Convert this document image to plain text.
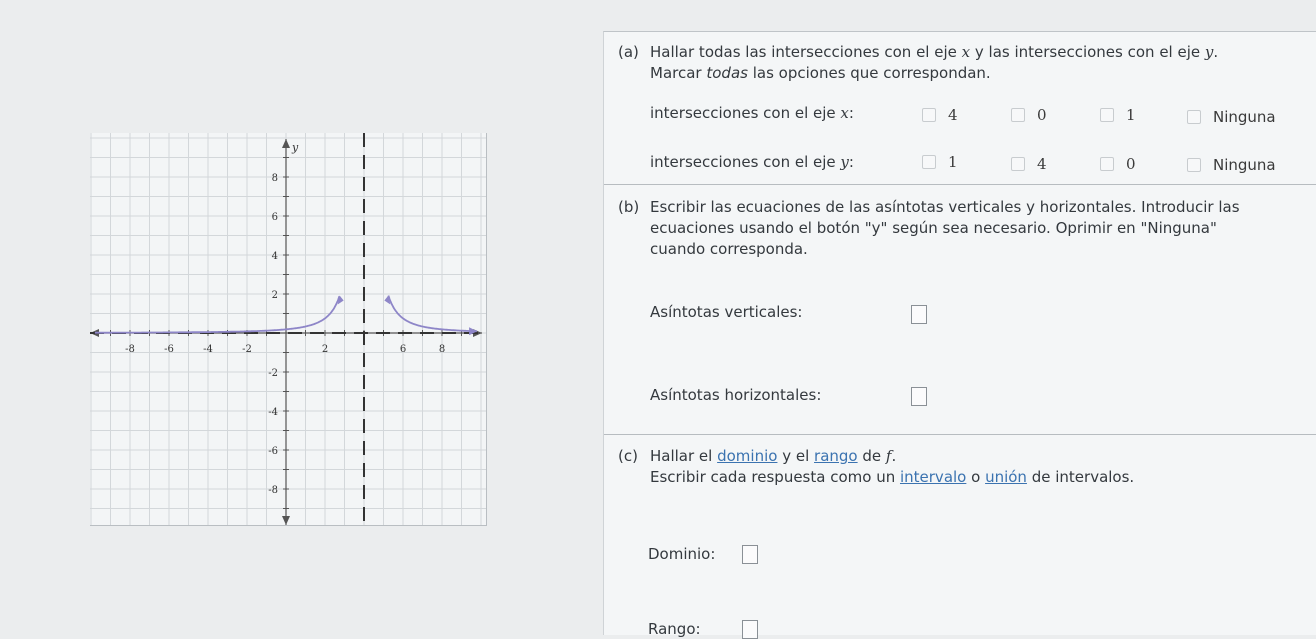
-8	-6	-4	-2	2	6	8
8
6
4
2
-2
-4
-6
-8
y
(a) Hallar todas las intersecciones con el eje x y las intersecciones con el eje y.
Marcar todas las opciones que correspondan.
intersecciones con el eje x:	4	0	1	Ninguna
intersecciones con el eje y:	1	4	0	Ninguna
(b) Escribir las ecuaciones de las asíntotas verticales y horizontales. Introducir las
ecuaciones usando el botón "y" según sea necesario. Oprimir en "Ninguna"
cuando corresponda.
Asíntotas verticales:
Asíntotas horizontales:
(c) Hallar el dominio y el rango de f.
Escribir cada respuesta como un intervalo o unión de intervalos.
Dominio:
Rango:
